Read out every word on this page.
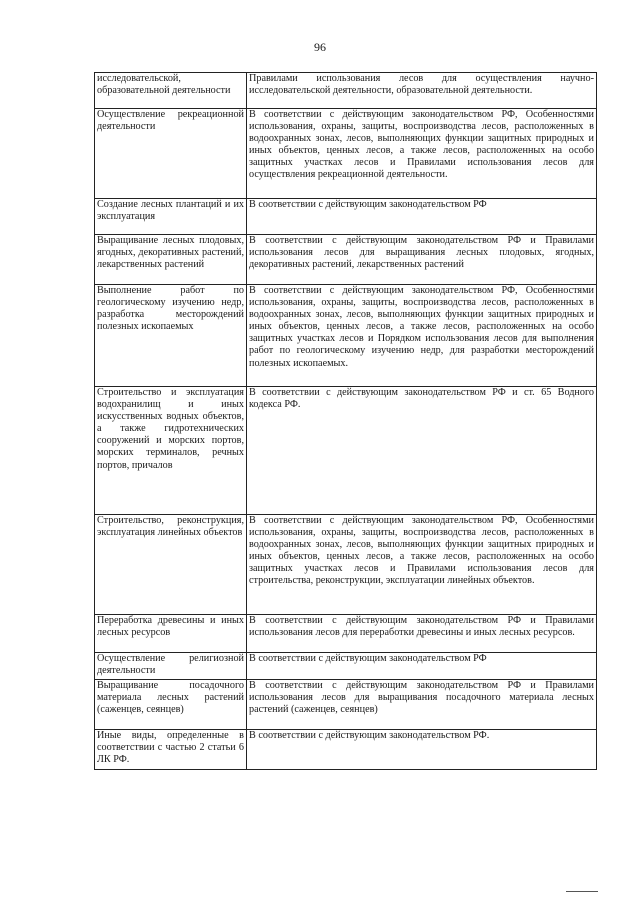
96
исследовательской, образовательной деятельности	Правилами использования лесов для осуществления научно-исследовательской деятельности, образовательной деятельности.
Осуществление рекреационной деятельности	В соответствии с действующим законодательством РФ, Особенностями использования, охраны, защиты, воспроизводства лесов, расположенных в водоохранных зонах, лесов, выполняющих функции защитных природных и иных объектов, ценных лесов, а также лесов, расположенных на особо защитных участках лесов и Правилами использования лесов для осуществления рекреационной деятельности.
Создание лесных плантаций и их эксплуатация	В соответствии с действующим законодательством РФ
Выращивание лесных плодовых, ягодных, декоративных растений, лекарственных растений	В соответствии с действующим законодательством РФ и Правилами использования лесов для выращивания лесных плодовых, ягодных, декоративных растений, лекарственных растений
Выполнение работ по геологическому изучению недр, разработка месторождений полезных ископаемых	В соответствии с действующим законодательством РФ, Особенностями использования, охраны, защиты, воспроизводства лесов, расположенных в водоохранных зонах, лесов, выполняющих функции защитных природных и иных объектов, ценных лесов, а также лесов, расположенных на особо защитных участках лесов и Порядком использования лесов для выполнения работ по геологическому изучению недр, для разработки месторождений полезных ископаемых.
Строительство и эксплуатация водохранилищ и иных искусственных водных объектов, а также гидротехнических сооружений и морских портов, морских терминалов, речных портов, причалов	В соответствии с действующим законодательством РФ и ст. 65 Водного кодекса РФ.
Строительство, реконструкция, эксплуатация линейных объектов	В соответствии с действующим законодательством РФ, Особенностями использования, охраны, защиты, воспроизводства лесов, расположенных в водоохранных зонах, лесов, выполняющих функции защитных природных и иных объектов, ценных лесов, а также лесов, расположенных на особо защитных участках лесов и Правилами использования лесов для строительства, реконструкции, эксплуатации линейных объектов.
Переработка древесины и иных лесных ресурсов	В соответствии с действующим законодательством РФ и Правилами использования лесов для переработки древесины и иных лесных ресурсов.
Осуществление религиозной деятельности	В соответствии с действующим законодательством РФ
Выращивание посадочного материала лесных растений (саженцев, сеянцев)	В соответствии с действующим законодательством РФ и Правилами использования лесов для выращивания посадочного материала лесных растений (саженцев, сеянцев)
Иные виды, определенные в соответствии с частью 2 статьи 6 ЛК РФ.	В соответствии с действующим законодательством РФ.
